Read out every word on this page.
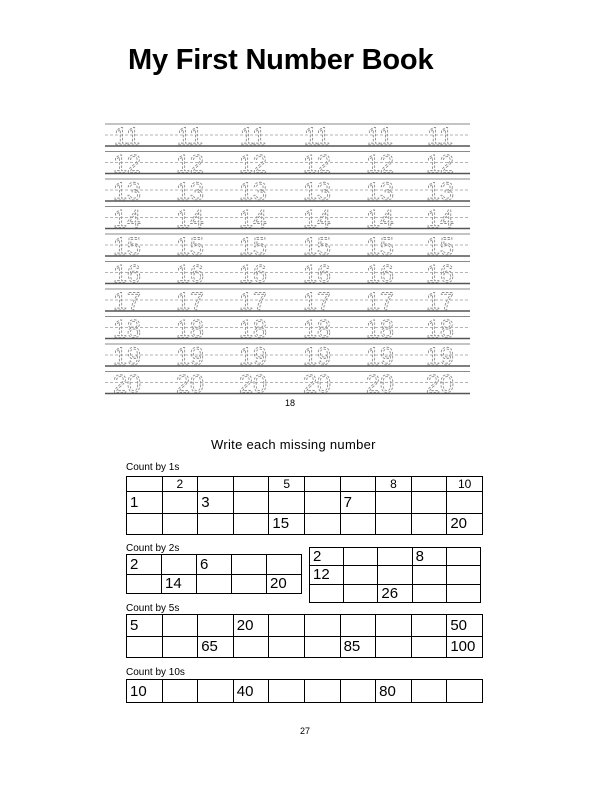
My First Number Book
11 11 11 11 11 11
12 12 12 12 12 12
13 13 13 13 13 13
14 14 14 14 14 14
15 15 15 15 15 15
16 16 16 16 16 16
17 17 17 17 17 17
18 18 18 18 18 18
19 19 19 19 19 19
20 20 20 20 20 20
18
Write each missing number
Count by 1s
	2			5			8		10
1		3				7			
				15					20
Count by 2s
2		6		
	14			20
2			8	
12				
		26		
Count by 5s
5			20						50
		65				85			100
Count by 10s
10			40				80		
27
